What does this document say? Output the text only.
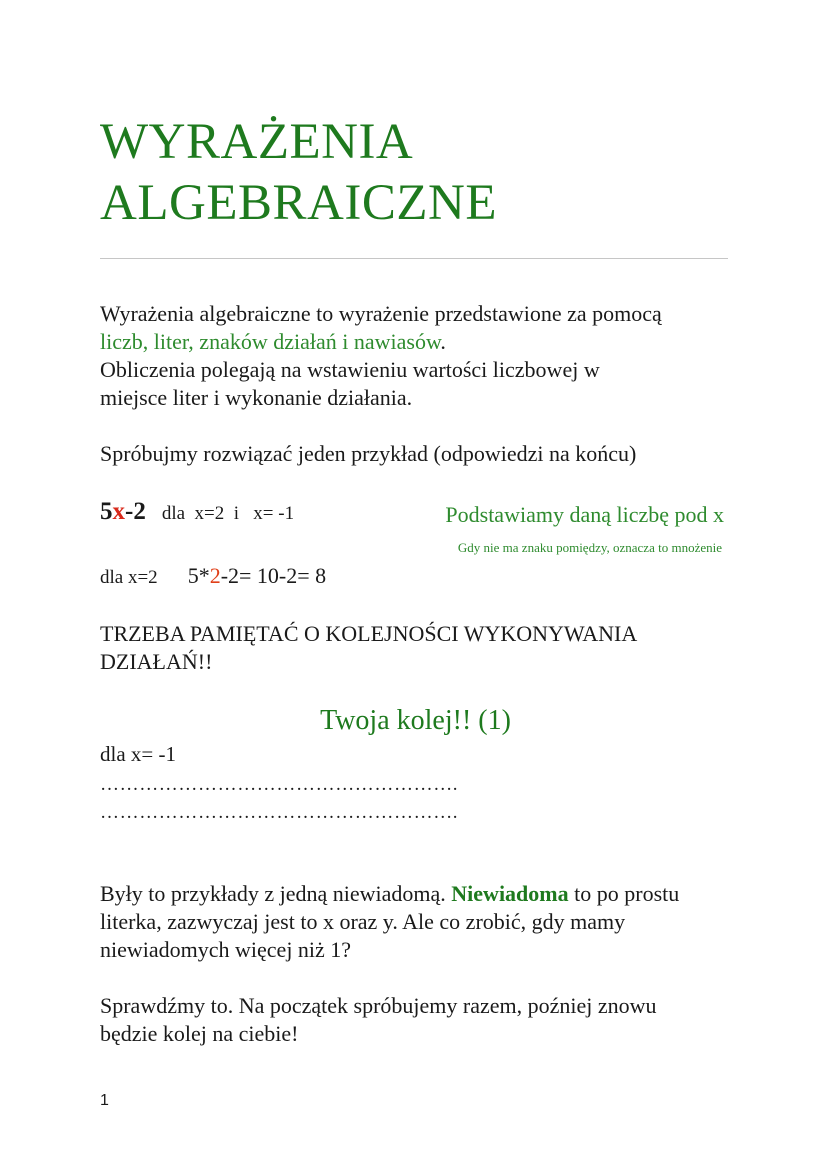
WYRAŻENIA
ALGEBRAICZNE

Wyrażenia algebraiczne to wyrażenie przedstawione za pomocą liczb, liter, znaków działań i nawiasów.
Obliczenia polegają na wstawieniu wartości liczbowej w miejsce liter i wykonanie działania.

Spróbujmy rozwiązać jeden przykład (odpowiedzi na końcu)

5x-2 dla  x=2  i   x= -1	Podstawiamy daną liczbę pod x
Gdy nie ma znaku pomiędzy, oznacza to mnożenie
dla x=2 5*2-2= 10-2= 8

TRZEBA PAMIĘTAĆ O KOLEJNOŚCI WYKONYWANIA DZIAŁAŃ!!

Twoja kolej!! (1)
dla x= -1
……………………………………………….
……………………………………………….

Były to przykłady z jedną niewiadomą. Niewiadoma to po prostu literka, zazwyczaj jest to x oraz y. Ale co zrobić, gdy mamy niewiadomych więcej niż 1?

Sprawdźmy to. Na początek spróbujemy razem, poźniej znowu będzie kolej na ciebie!

1
